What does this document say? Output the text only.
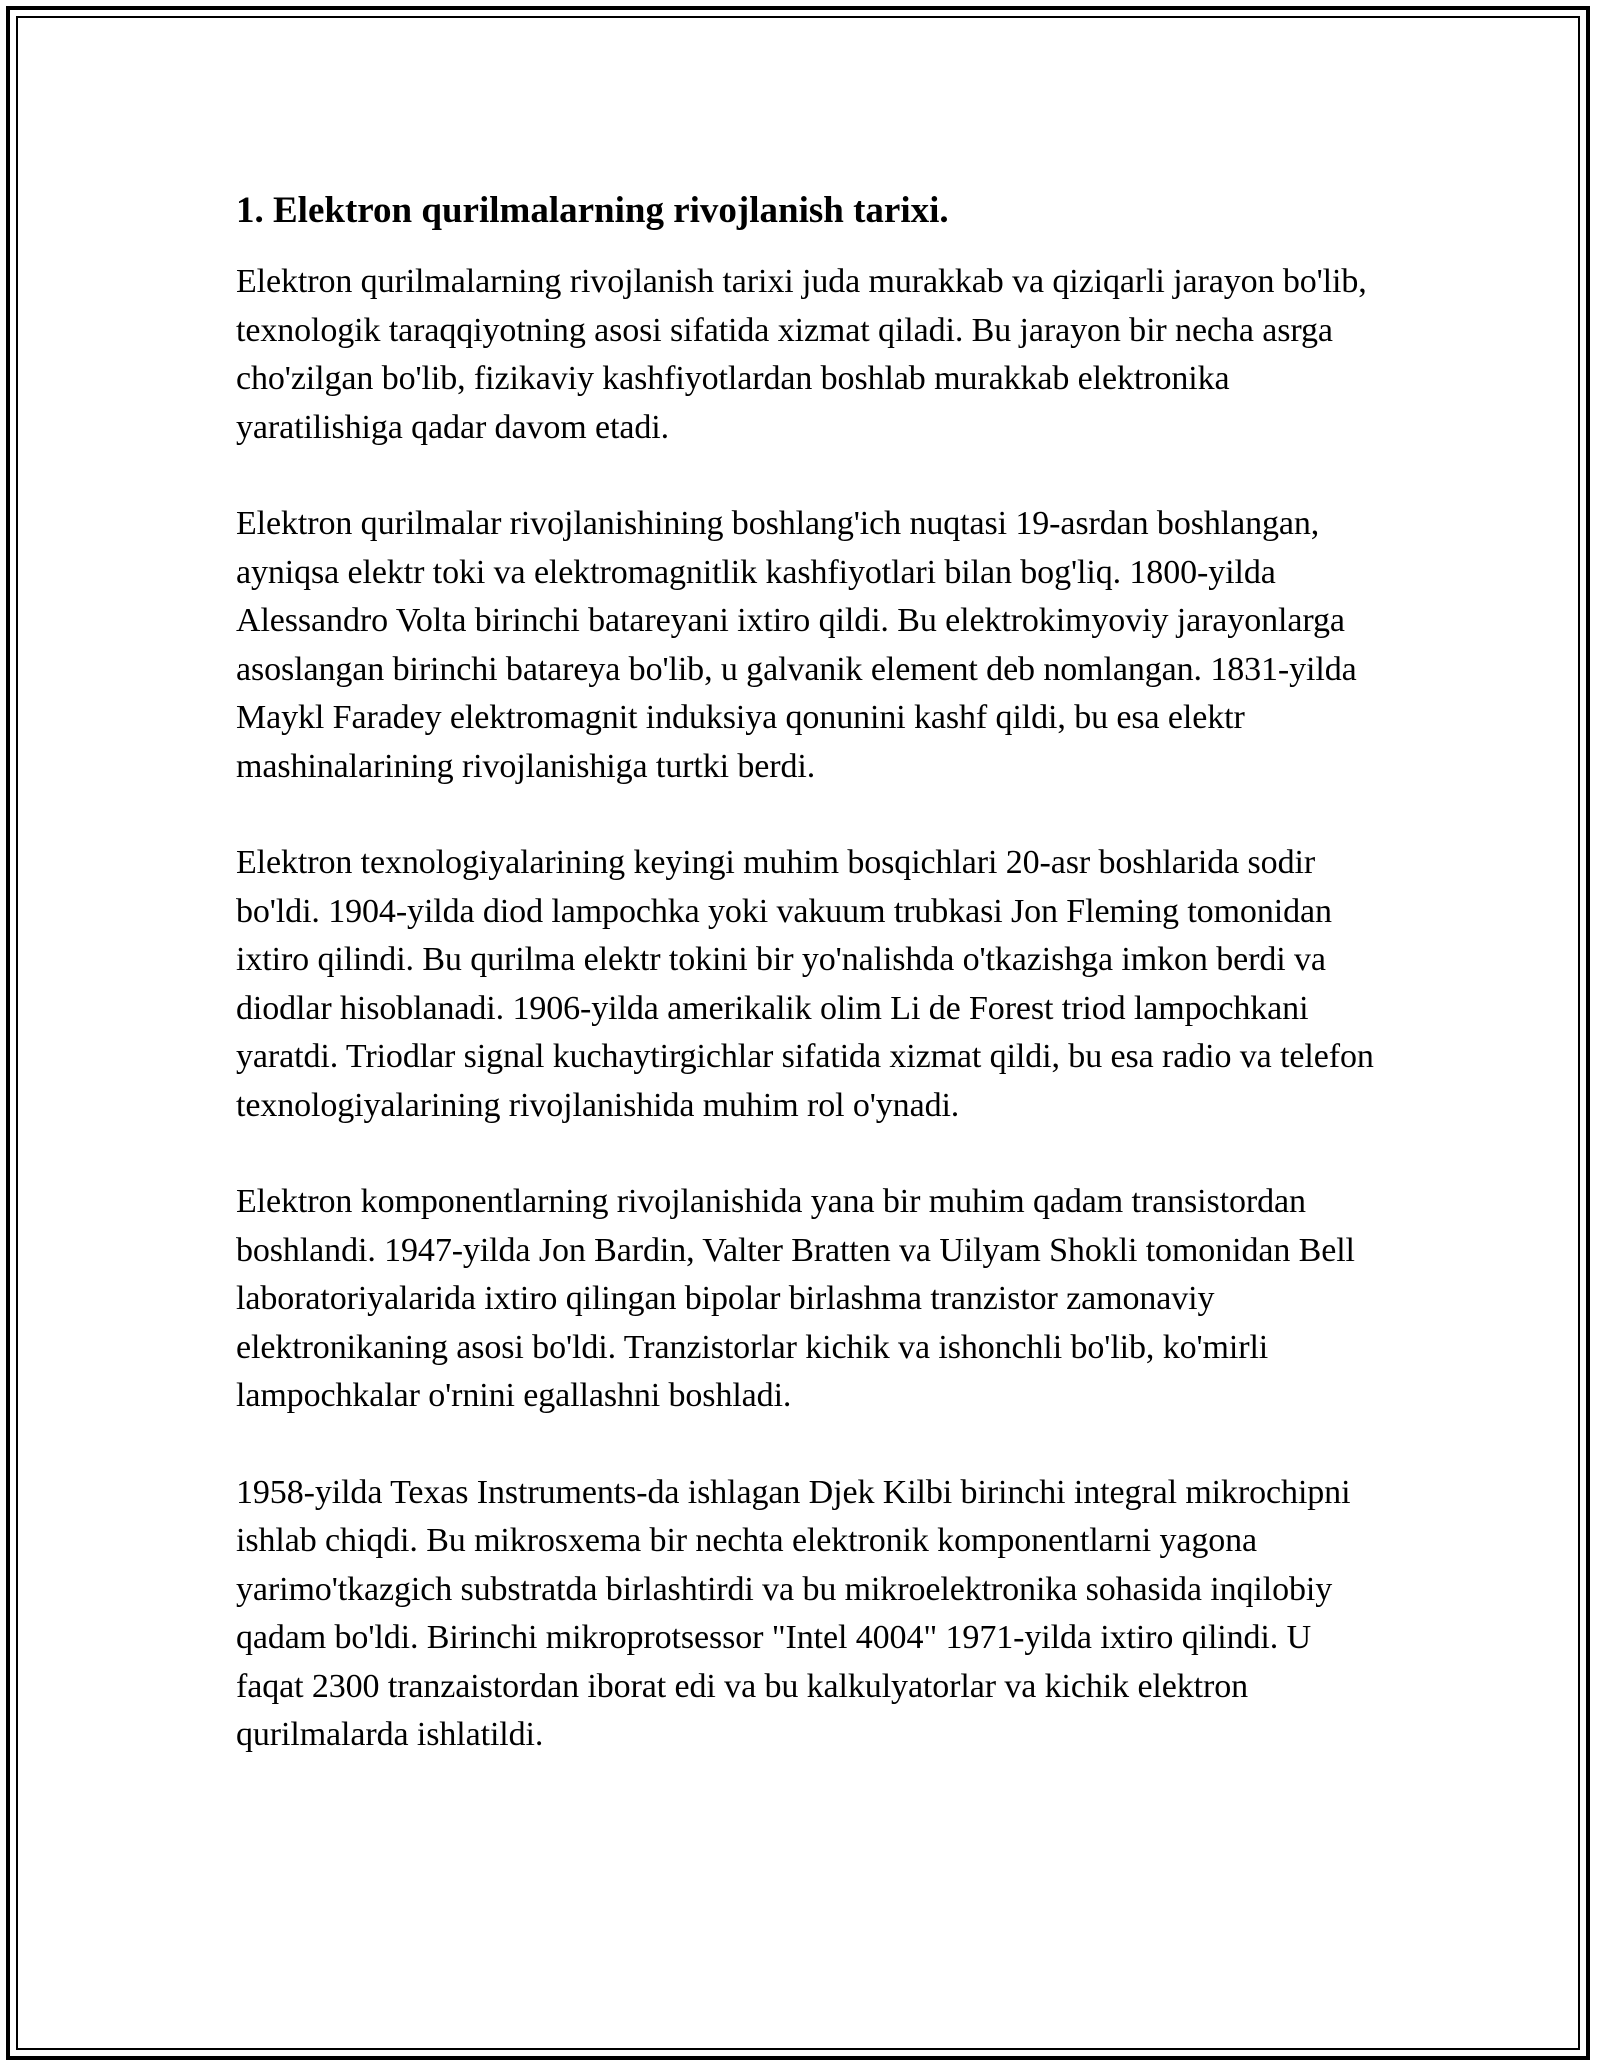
1. Elektron qurilmalarning rivojlanish tarixi.

Elektron qurilmalarning rivojlanish tarixi juda murakkab va qiziqarli jarayon bo'lib, texnologik taraqqiyotning asosi sifatida xizmat qiladi. Bu jarayon bir necha asrga cho'zilgan bo'lib, fizikaviy kashfiyotlardan boshlab murakkab elektronika yaratilishiga qadar davom etadi.

Elektron qurilmalar rivojlanishining boshlang'ich nuqtasi 19-asrdan boshlangan, ayniqsa elektr toki va elektromagnitlik kashfiyotlari bilan bog'liq. 1800-yilda Alessandro Volta birinchi batareyani ixtiro qildi. Bu elektrokimyoviy jarayonlarga asoslangan birinchi batareya bo'lib, u galvanik element deb nomlangan. 1831-yilda Maykl Faradey elektromagnit induksiya qonunini kashf qildi, bu esa elektr mashinalarining rivojlanishiga turtki berdi.

Elektron texnologiyalarining keyingi muhim bosqichlari 20-asr boshlarida sodir bo'ldi. 1904-yilda diod lampochka yoki vakuum trubkasi Jon Fleming tomonidan ixtiro qilindi. Bu qurilma elektr tokini bir yo'nalishda o'tkazishga imkon berdi va diodlar hisoblanadi. 1906-yilda amerikalik olim Li de Forest triod lampochkani yaratdi. Triodlar signal kuchaytirgichlar sifatida xizmat qildi, bu esa radio va telefon texnologiyalarining rivojlanishida muhim rol o'ynadi.

Elektron komponentlarning rivojlanishida yana bir muhim qadam transistordan boshlandi. 1947-yilda Jon Bardin, Valter Bratten va Uilyam Shokli tomonidan Bell laboratoriyalarida ixtiro qilingan bipolar birlashma tranzistor zamonaviy elektronikaning asosi bo'ldi. Tranzistorlar kichik va ishonchli bo'lib, ko'mirli lampochkalar o'rnini egallashni boshladi.

1958-yilda Texas Instruments-da ishlagan Djek Kilbi birinchi integral mikrochipni ishlab chiqdi. Bu mikrosxema bir nechta elektronik komponentlarni yagona yarimo'tkazgich substratda birlashtirdi va bu mikroelektronika sohasida inqilobiy qadam bo'ldi. Birinchi mikroprotsessor "Intel 4004" 1971-yilda ixtiro qilindi. U faqat 2300 tranzaistordan iborat edi va bu kalkulyatorlar va kichik elektron qurilmalarda ishlatildi.
